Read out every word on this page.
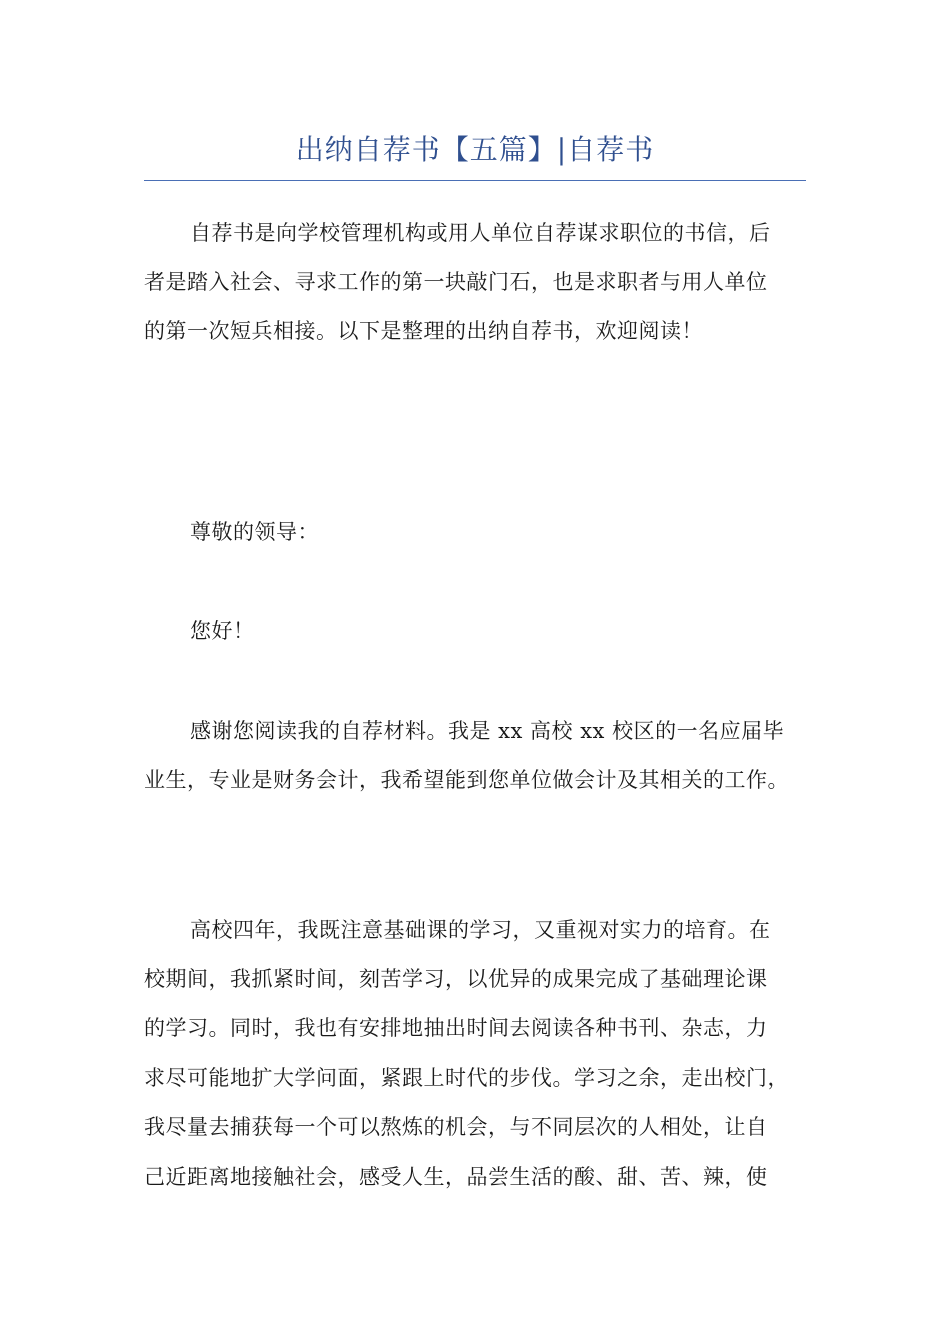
出纳自荐书【五篇】|自荐书
自荐书是向学校管理机构或用人单位自荐谋求职位的书信，后
者是踏入社会、寻求工作的第一块敲门石，也是求职者与用人单位
的第一次短兵相接。以下是整理的出纳自荐书，欢迎阅读！
尊敬的领导：
您好！
感谢您阅读我的自荐材料。我是 xx 高校 xx 校区的一名应届毕
业生，专业是财务会计，我希望能到您单位做会计及其相关的工作。
高校四年，我既注意基础课的学习，又重视对实力的培育。在
校期间，我抓紧时间，刻苦学习，以优异的成果完成了基础理论课
的学习。同时，我也有安排地抽出时间去阅读各种书刊、杂志，力
求尽可能地扩大学问面，紧跟上时代的步伐。学习之余，走出校门，
我尽量去捕获每一个可以熬炼的机会，与不同层次的人相处，让自
己近距离地接触社会，感受人生，品尝生活的酸、甜、苦、辣，使
